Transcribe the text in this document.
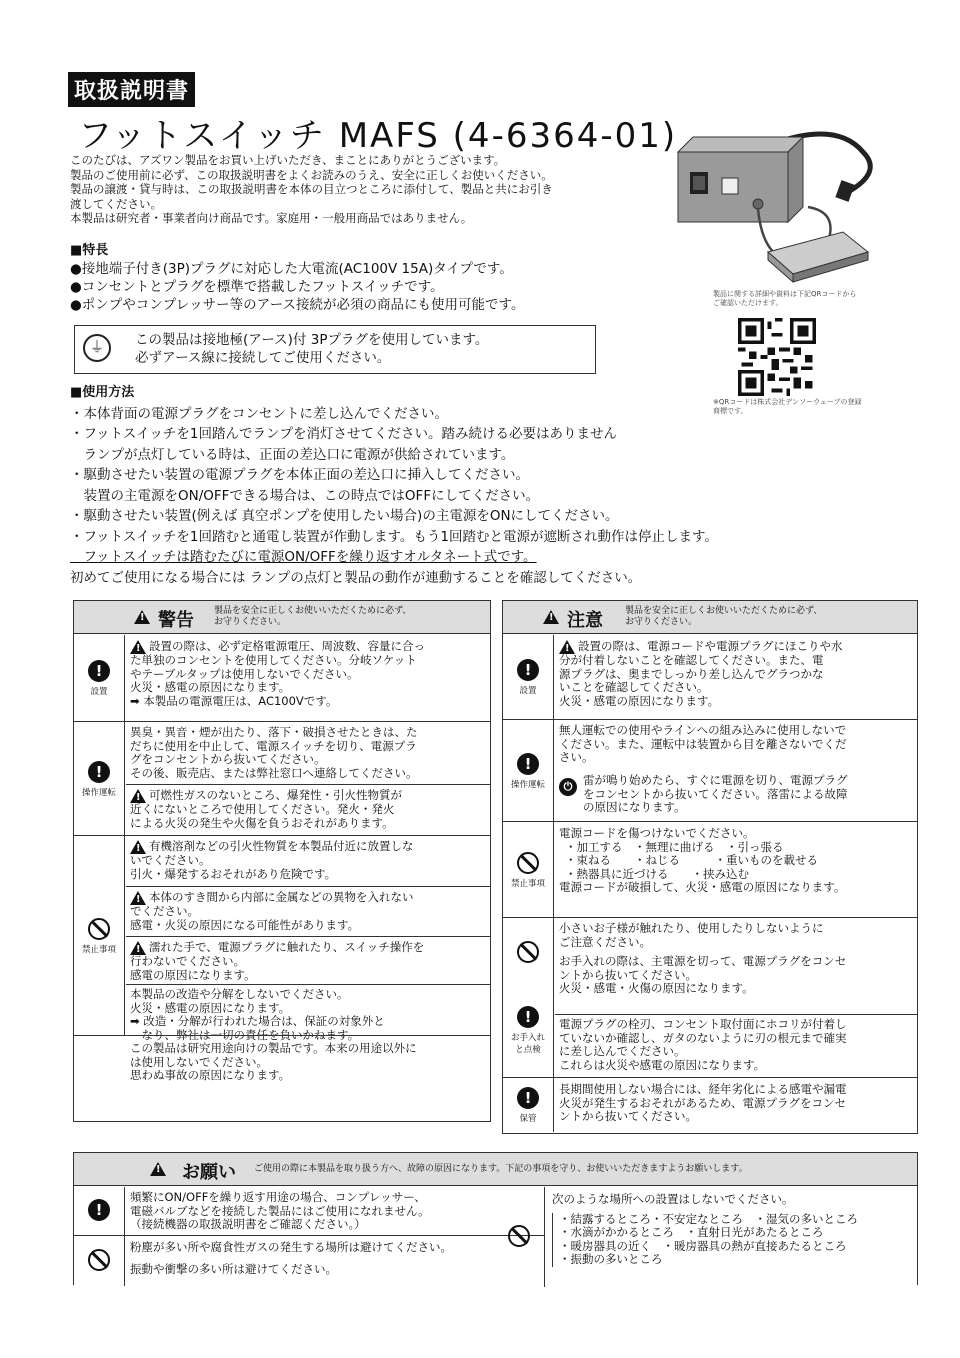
取扱説明書
フットスイッチ MAFS (4-6364-01)
このたびは、アズワン製品をお買い上げいただき、まことにありがとうございます。
製品のご使用前に必ず、この取扱説明書をよくお読みのうえ、安全に正しくお使いください。
製品の譲渡・貸与時は、この取扱説明書を本体の目立つところに添付して、製品と共にお引き
渡してください。
本製品は研究者・事業者向け商品です。家庭用・一般用商品ではありません。
製品に関する詳細や資料は下記QRコードからご確認いただけます。
※QRコードは株式会社デンソーウェーブの登録商標です。
■特長
●接地端子付き(3P)プラグに対応した大電流(AC100V 15A)タイプです。
●コンセントとプラグを標準で搭載したフットスイッチです。
●ポンプやコンプレッサー等のアース接続が必須の商品にも使用可能です。
⏚	この製品は接地極(アース)付 3Pプラグを使用しています。
必ずアース線に接続してご使用ください。
■使用方法
・本体背面の電源プラグをコンセントに差し込んでください。
・フットスイッチを1回踏んでランプを消灯させてください。踏み続ける必要はありません
　ランプが点灯している時は、正面の差込口に電源が供給されています。
・駆動させたい装置の電源プラグを本体正面の差込口に挿入してください。
　装置の主電源をON/OFFできる場合は、この時点ではOFFにしてください。
・駆動させたい装置(例えば 真空ポンプを使用したい場合)の主電源をONにしてください。
・フットスイッチを1回踏むと通電し装置が作動します。もう1回踏むと電源が遮断され動作は停止します。
　フットスイッチは踏むたびに電源ON/OFFを繰り返すオルタネート式です。
初めてご使用になる場合には ランプの点灯と製品の動作が連動することを確認してください。
!
警告 製品を安全に正しくお使いいただくために必ず、
お守りください。
!
設置
!設置の際は、必ず定格電源電圧、周波数、容量に合っ
た単独のコンセントを使用してください。分岐ソケット
やテーブルタップは使用しないでください。
火災・感電の原因になります。
➡ 本製品の電源電圧は、AC100Vです。
!
操作運転
異臭・異音・煙が出たり、落下・破損させたときは、た
だちに使用を中止して、電源スイッチを切り、電源プラ
グをコンセントから抜いてください。
その後、販売店、または弊社窓口へ連絡してください。
!可燃性ガスのないところ、爆発性・引火性物質が
近くにないところで使用してください。発火・発火
による火災の発生や火傷を負うおそれがあります。
禁止事項
!有機溶剤などの引火性物質を本製品付近に放置しな
いでください。
引火・爆発するおそれがあり危険です。
!本体のすき間から内部に金属などの異物を入れない
でください。
感電・火災の原因になる可能性があります。
!濡れた手で、電源プラグに触れたり、スイッチ操作を
行わないでください。
感電の原因になります。
本製品の改造や分解をしないでください。
火災・感電の原因になります。
➡ 改造・分解が行われた場合は、保証の対象外と
　なり、弊社は一切の責任を負いかねます。
この製品は研究用途向けの製品です。本来の用途以外に
は使用しないでください。
思わぬ事故の原因になります。
!
注意 製品を安全に正しくお使いいただくために必ず、
お守りください。
!
設置
!設置の際は、電源コードや電源プラグにほこりや水
分が付着しないことを確認してください。また、電
源プラグは、奥までしっかり差し込んでグラつかな
いことを確認してください。
火災・感電の原因になります。
!
操作運転
無人運転での使用やラインへの組み込みに使用しないで
ください。また、運転中は装置から目を離さないでくだ
さい。
雷が鳴り始めたら、すぐに電源を切り、電源プラグ
をコンセントから抜いてください。落雷による故障
の原因になります。
⏻
禁止事項
電源コードを傷つけないでください。
・加工する　・無理に曲げる　・引っ張る
・束ねる　　・ねじる　　　・重いものを載せる
・熱器具に近づける　　・挟み込む
電源コードが破損して、火災・感電の原因になります。
!
お手入れと点検
小さいお子様が触れたり、使用したりしないように
ご注意ください。
お手入れの際は、主電源を切って、電源プラグをコンセ
ントから抜いてください。
火災・感電・火傷の原因になります。
電源プラグの栓刃、コンセント取付面にホコリが付着し
ていないか確認し、ガタのないように刃の根元まで確実
に差し込んでください。
これらは火災や感電の原因になります。
!
保管
長期間使用しない場合には、経年劣化による感電や漏電
火災が発生するおそれがあるため、電源プラグをコンセ
ントから抜いてください。
!
お願い ご使用の際に本製品を取り扱う方へ、故障の原因になります。下記の事項を守り、お使いいただきますようお願いします。
!
頻繁にON/OFFを繰り返す用途の場合、コンプレッサー、
電磁バルブなどを接続した製品にはご使用になれません。
（接続機器の取扱説明書をご確認ください。）
粉塵が多い所や腐食性ガスの発生する場所は避けてください。
振動や衝撃の多い所は避けてください。
次のような場所への設置はしないでください。
・結露するところ・不安定なところ　・湿気の多いところ
・水滴がかかるところ　・直射日光があたるところ
・暖房器具の近く　・暖房器具の熱が直接あたるところ
・振動の多いところ
